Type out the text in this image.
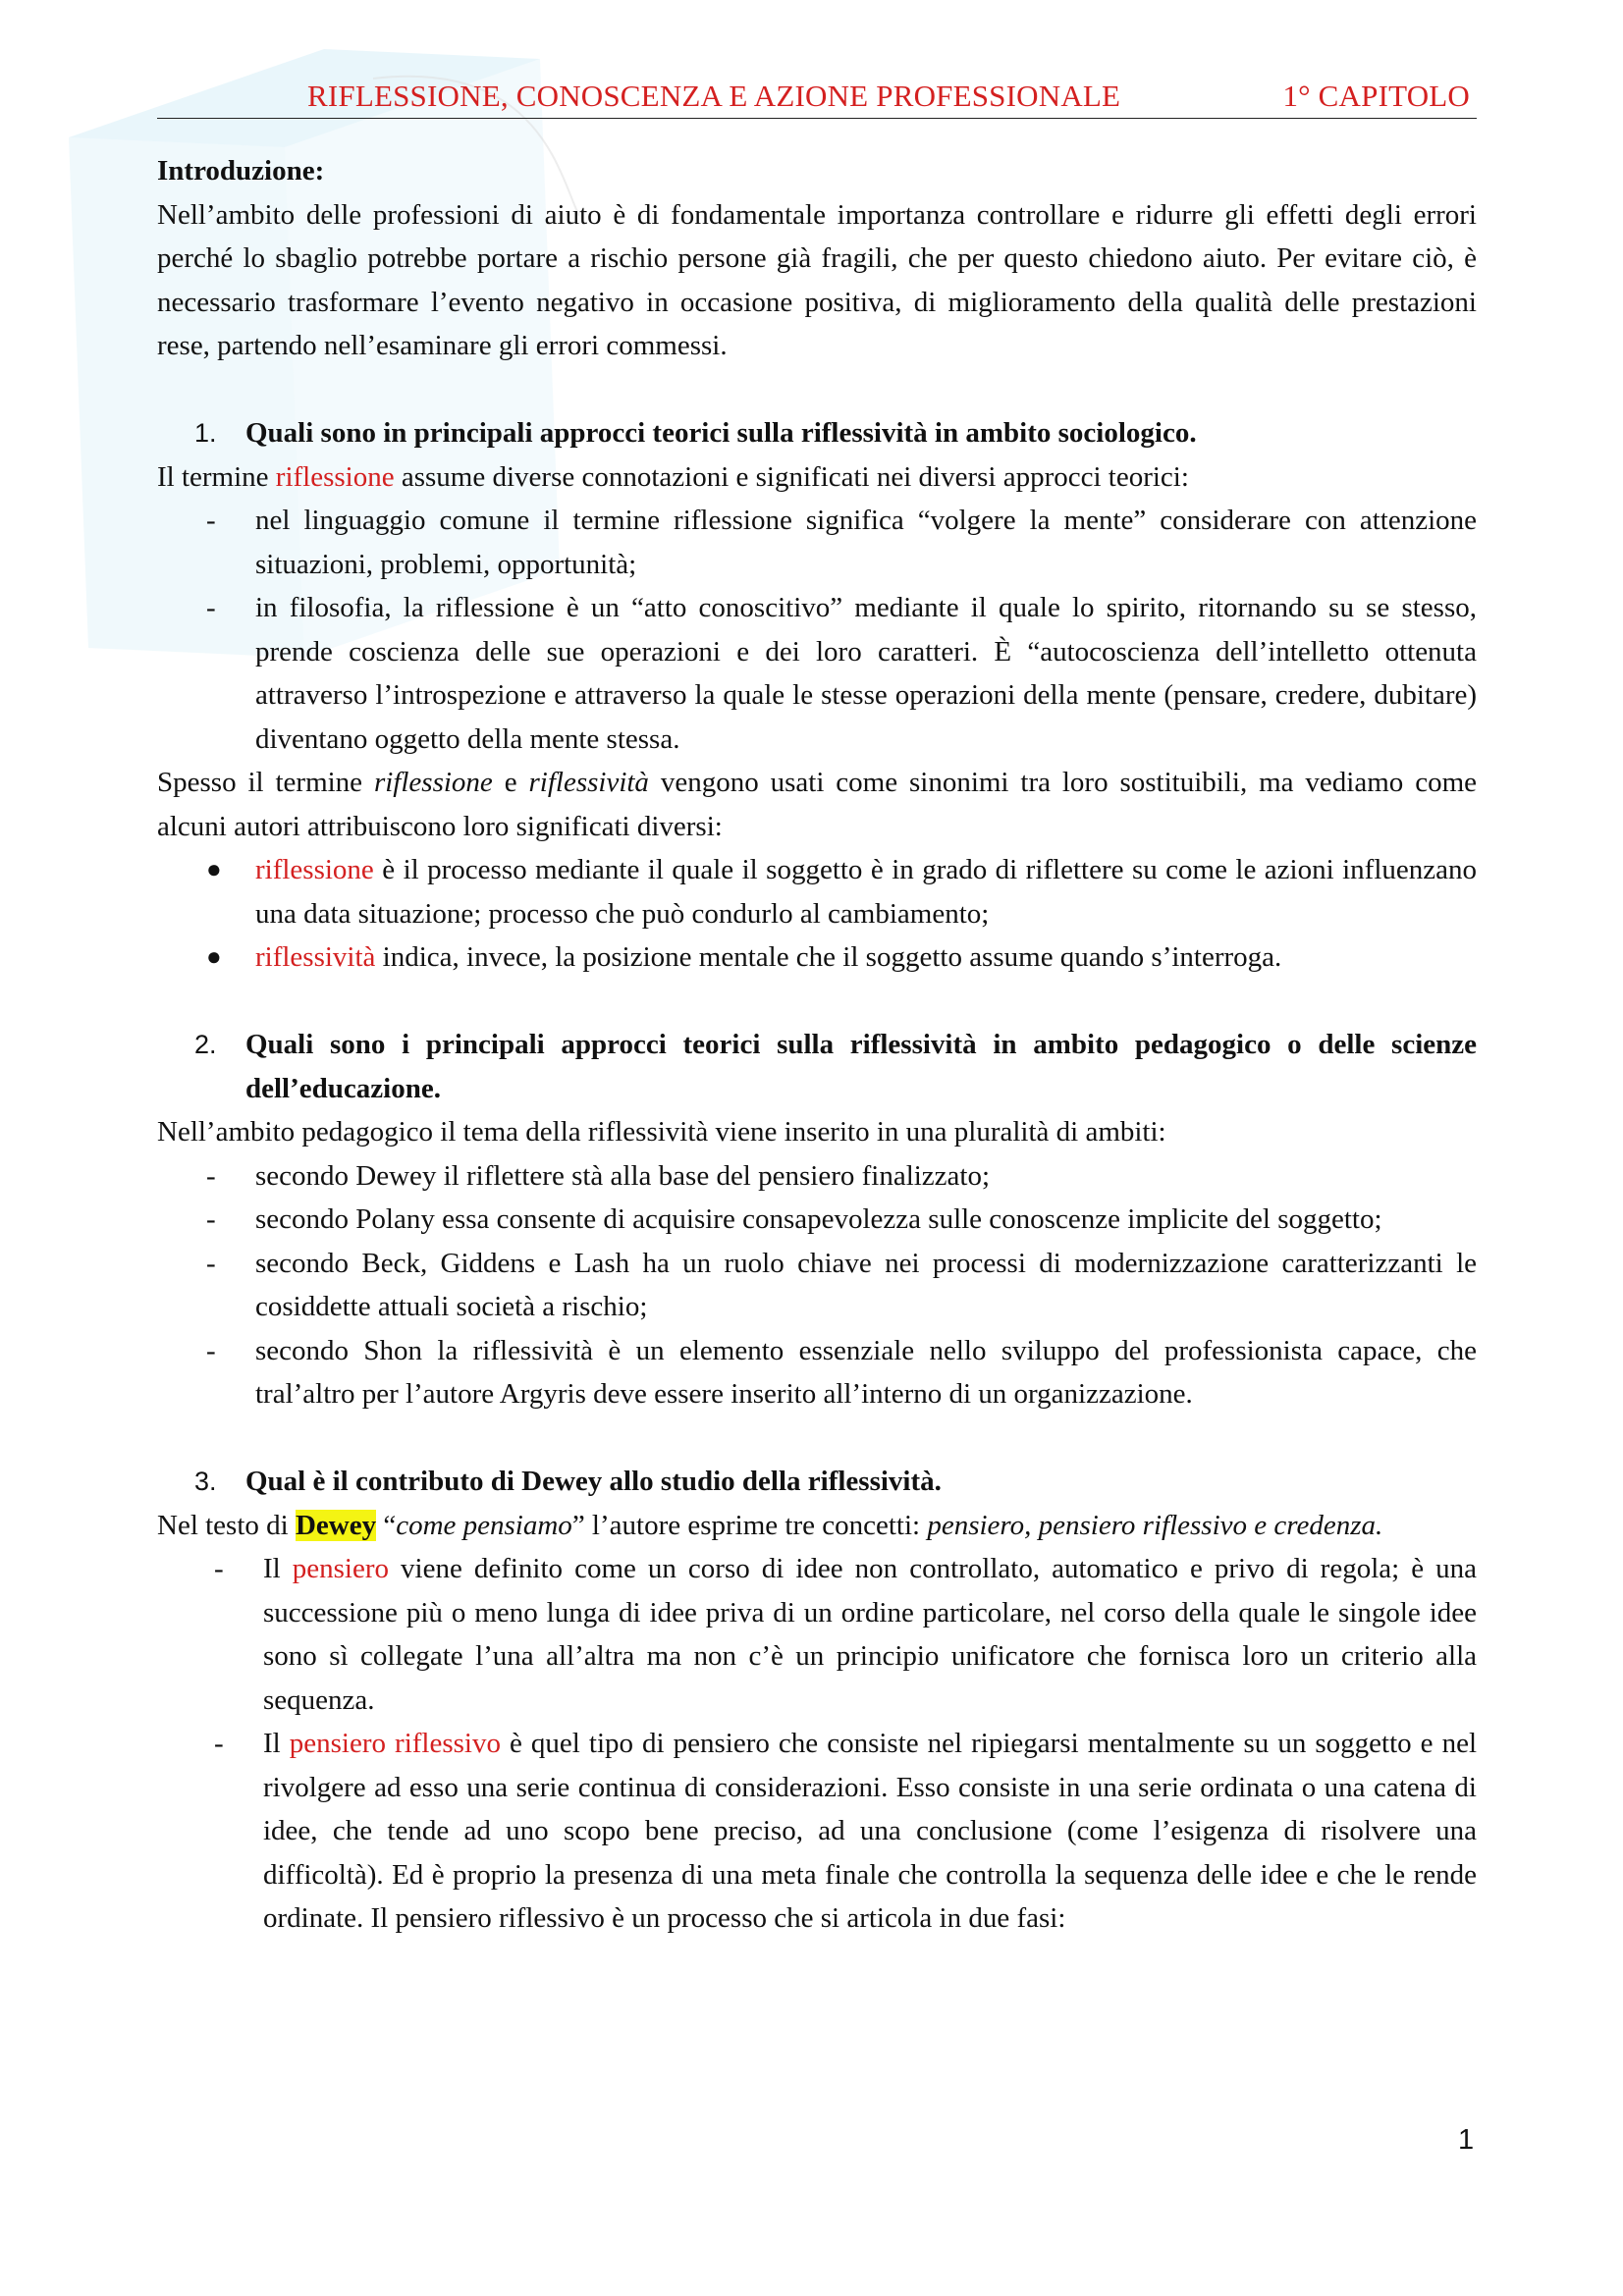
RIFLESSIONE, CONOSCENZA E AZIONE PROFESSIONALE	1° CAPITOLO

Introduzione:

Nell’ambito delle professioni di aiuto è di fondamentale importanza controllare e ridurre gli effetti degli errori perché lo sbaglio potrebbe portare a rischio persone già fragili, che per questo chiedono aiuto. Per evitare ciò, è necessario trasformare l’evento negativo in occasione positiva, di miglioramento della qualità delle prestazioni rese, partendo nell’esaminare gli errori commessi.

1. Quali sono in principali approcci teorici sulla riflessività in ambito sociologico.

Il termine riflessione assume diverse connotazioni e significati nei diversi approcci teorici:

- nel linguaggio comune il termine riflessione significa “volgere la mente” considerare con attenzione situazioni, problemi, opportunità;
- in filosofia, la riflessione è un “atto conoscitivo” mediante il quale lo spirito, ritornando su se stesso, prende coscienza delle sue operazioni e dei loro caratteri. È “autocoscienza dell’intelletto ottenuta attraverso l’introspezione e attraverso la quale le stesse operazioni della mente (pensare, credere, dubitare) diventano oggetto della mente stessa.

Spesso il termine riflessione e riflessività vengono usati come sinonimi tra loro sostituibili, ma vediamo come alcuni autori attribuiscono loro significati diversi:

● riflessione è il processo mediante il quale il soggetto è in grado di riflettere su come le azioni influenzano una data situazione; processo che può condurlo al cambiamento;
● riflessività indica, invece, la posizione mentale che il soggetto assume quando s’interroga.
2. Quali sono i principali approcci teorici sulla riflessività in ambito pedagogico o delle scienze dell’educazione.

Nell’ambito pedagogico il tema della riflessività viene inserito in una pluralità di ambiti:

- secondo Dewey il riflettere stà alla base del pensiero finalizzato;
- secondo Polany essa consente di acquisire consapevolezza sulle conoscenze implicite del soggetto;
- secondo Beck, Giddens e Lash ha un ruolo chiave nei processi di modernizzazione caratterizzanti le cosiddette attuali società a rischio;
- secondo Shon la riflessività è un elemento essenziale nello sviluppo del professionista capace, che tral’altro per l’autore Argyris deve essere inserito all’interno di un organizzazione.
3. Qual è il contributo di Dewey allo studio della riflessività.

Nel testo di Dewey “come pensiamo” l’autore esprime tre concetti: pensiero, pensiero riflessivo e credenza.

- Il pensiero viene definito come un corso di idee non controllato, automatico e privo di regola; è una successione più o meno lunga di idee priva di un ordine particolare, nel corso della quale le singole idee sono sì collegate l’una all’altra ma non c’è un principio unificatore che fornisca loro un criterio alla sequenza.
- Il pensiero riflessivo è quel tipo di pensiero che consiste nel ripiegarsi mentalmente su un soggetto e nel rivolgere ad esso una serie continua di considerazioni. Esso consiste in una serie ordinata o una catena di idee, che tende ad uno scopo bene preciso, ad una conclusione (come l’esigenza di risolvere una difficoltà). Ed è proprio la presenza di una meta finale che controlla la sequenza delle idee e che le rende ordinate. Il pensiero riflessivo è un processo che si articola in due fasi:
1
